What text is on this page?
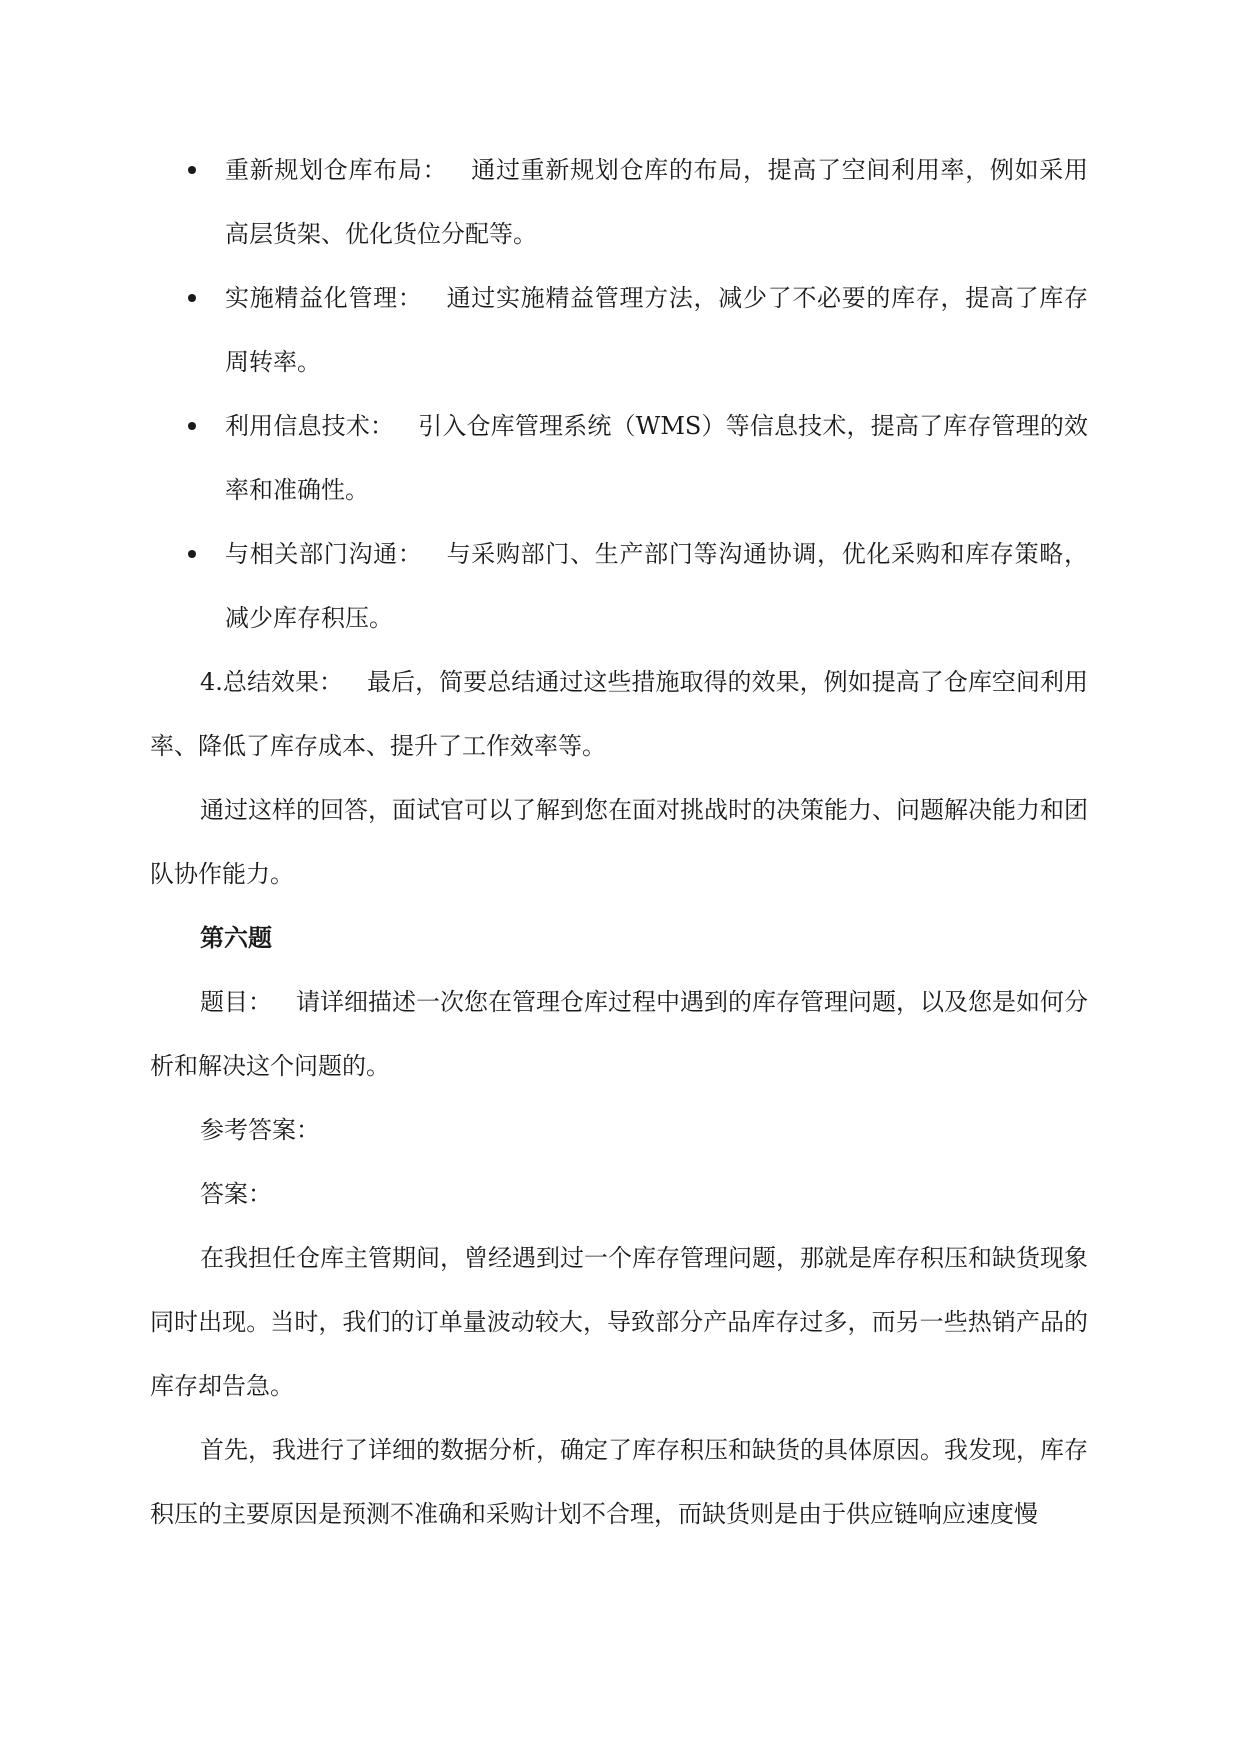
重新规划仓库布局： 通过重新规划仓库的布局，提高了空间利用率，例如采用高层货架、优化货位分配等。
实施精益化管理： 通过实施精益管理方法，减少了不必要的库存，提高了库存周转率。
利用信息技术： 引入仓库管理系统（WMS）等信息技术，提高了库存管理的效率和准确性。
与相关部门沟通： 与采购部门、生产部门等沟通协调，优化采购和库存策略，减少库存积压。

4.总结效果： 最后，简要总结通过这些措施取得的效果，例如提高了仓库空间利用率、降低了库存成本、提升了工作效率等。

通过这样的回答，面试官可以了解到您在面对挑战时的决策能力、问题解决能力和团队协作能力。

第六题

题目： 请详细描述一次您在管理仓库过程中遇到的库存管理问题，以及您是如何分析和解决这个问题的。

参考答案：

答案：

在我担任仓库主管期间，曾经遇到过一个库存管理问题，那就是库存积压和缺货现象同时出现。当时，我们的订单量波动较大，导致部分产品库存过多，而另一些热销产品的库存却告急。

首先，我进行了详细的数据分析，确定了库存积压和缺货的具体原因。我发现，库存积压的主要原因是预测不准确和采购计划不合理，而缺货则是由于供应链响应速度慢
